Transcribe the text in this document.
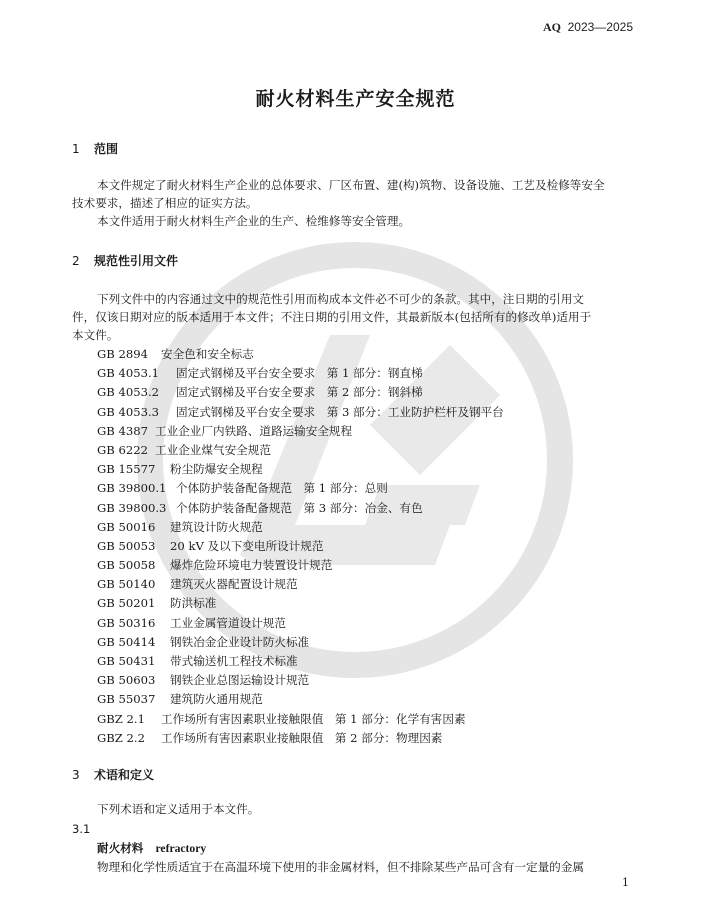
AQ 2023—2025
耐火材料生产安全规范
1 范围
本文件规定了耐火材料生产企业的总体要求、厂区布置、建(构)筑物、设备设施、工艺及检修等安全
技术要求，描述了相应的证实方法。
本文件适用于耐火材料生产企业的生产、检维修等安全管理。
2 规范性引用文件
下列文件中的内容通过文中的规范性引用而构成本文件必不可少的条款。其中，注日期的引用文
件，仅该日期对应的版本适用于本文件；不注日期的引用文件，其最新版本(包括所有的修改单)适用于
本文件。
GB 2894 安全色和安全标志
GB 4053.1 固定式钢梯及平台安全要求　第 1 部分：钢直梯
GB 4053.2 固定式钢梯及平台安全要求　第 2 部分：钢斜梯
GB 4053.3 固定式钢梯及平台安全要求　第 3 部分：工业防护栏杆及钢平台
GB 4387 工业企业厂内铁路、道路运输安全规程
GB 6222 工业企业煤气安全规范
GB 15577 粉尘防爆安全规程
GB 39800.1 个体防护装备配备规范　第 1 部分：总则
GB 39800.3 个体防护装备配备规范　第 3 部分：冶金、有色
GB 50016 建筑设计防火规范
GB 50053 20 kV 及以下变电所设计规范
GB 50058 爆炸危险环境电力装置设计规范
GB 50140 建筑灭火器配置设计规范
GB 50201 防洪标准
GB 50316 工业金属管道设计规范
GB 50414 钢铁冶金企业设计防火标准
GB 50431 带式输送机工程技术标准
GB 50603 钢铁企业总图运输设计规范
GB 55037 建筑防火通用规范
GBZ 2.1 工作场所有害因素职业接触限值　第 1 部分：化学有害因素
GBZ 2.2 工作场所有害因素职业接触限值　第 2 部分：物理因素
3 术语和定义
下列术语和定义适用于本文件。
3.1
耐火材料 refractory
物理和化学性质适宜于在高温环境下使用的非金属材料，但不排除某些产品可含有一定量的金属
1
